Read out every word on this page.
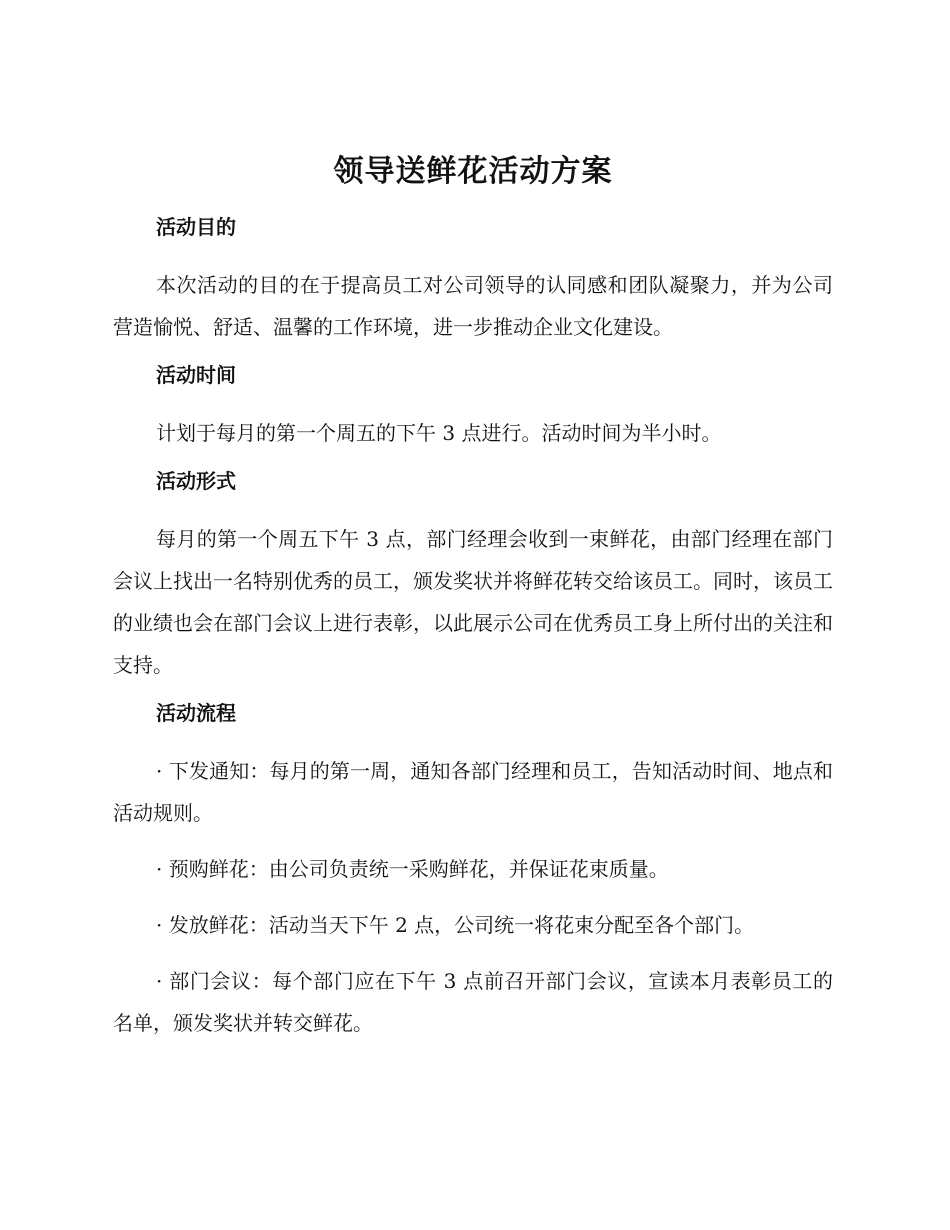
领导送鲜花活动方案
活动目的

本次活动的目的在于提高员工对公司领导的认同感和团队凝聚力，并为公司营造愉悦、舒适、温馨的工作环境，进一步推动企业文化建设。

活动时间

计划于每月的第一个周五的下午 3 点进行。活动时间为半小时。

活动形式

每月的第一个周五下午 3 点，部门经理会收到一束鲜花，由部门经理在部门会议上找出一名特别优秀的员工，颁发奖状并将鲜花转交给该员工。同时，该员工的业绩也会在部门会议上进行表彰，以此展示公司在优秀员工身上所付出的关注和支持。

活动流程

· 下发通知：每月的第一周，通知各部门经理和员工，告知活动时间、地点和活动规则。

· 预购鲜花：由公司负责统一采购鲜花，并保证花束质量。

· 发放鲜花：活动当天下午 2 点，公司统一将花束分配至各个部门。

· 部门会议：每个部门应在下午 3 点前召开部门会议，宣读本月表彰员工的名单，颁发奖状并转交鲜花。
